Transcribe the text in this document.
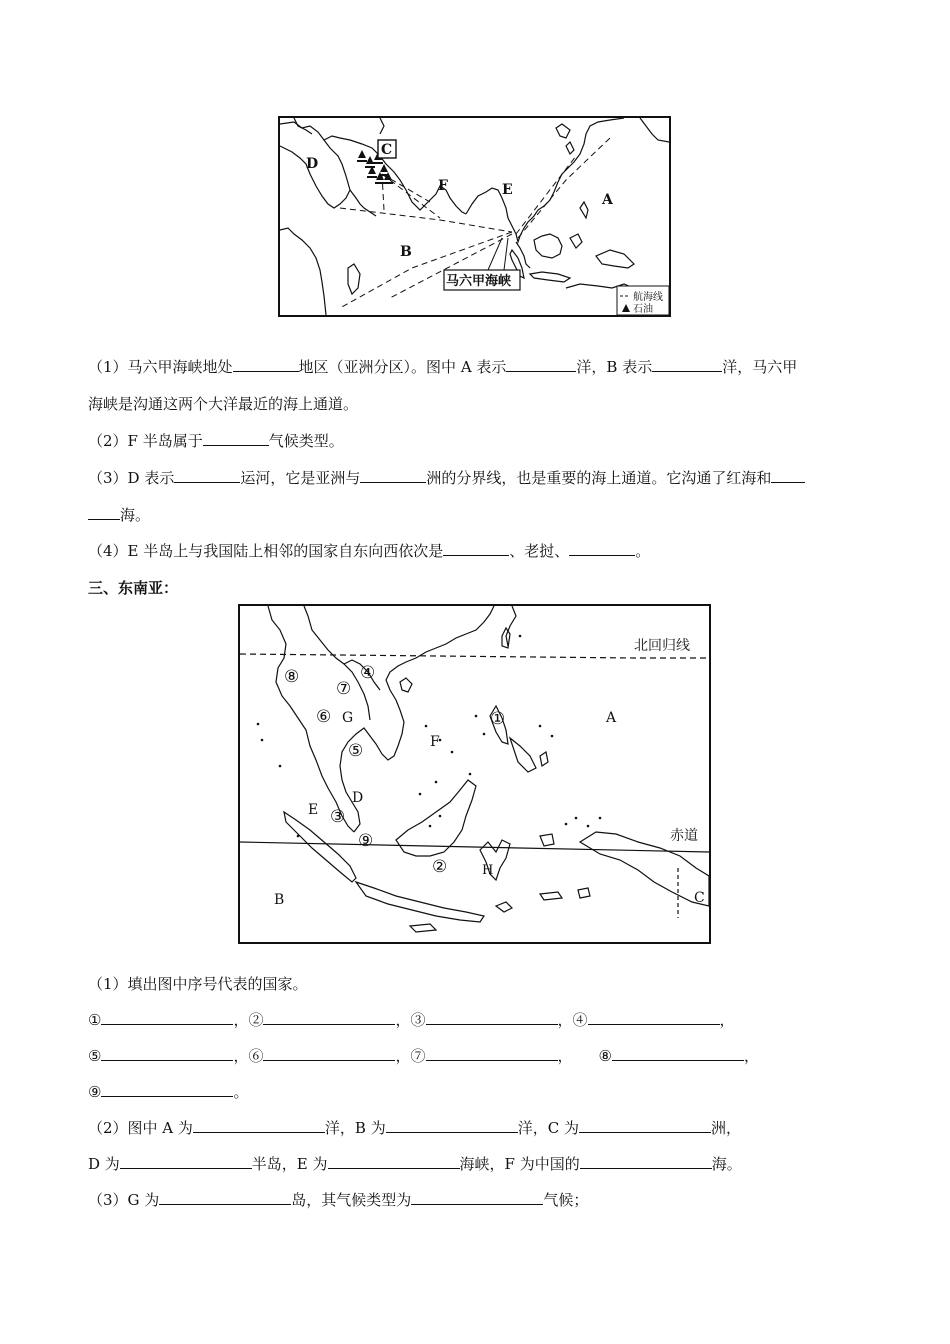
C
D
F	E
A
B
马六甲海峡
航海线
石油
（1）马六甲海峡地处	地区（亚洲分区）。图中 A 表示	洋，B 表示	洋，马六甲
海峡是沟通这两个大洋最近的海上通道。
（2）F 半岛属于	气候类型。
（3）D 表示	运河，它是亚洲与	洲的分界线，也是重要的海上通道。它沟通了红海和
海。
（4）E 半岛上与我国陆上相邻的国家自东向西依次是	、老挝、	。
三、东南亚：
北回归线
赤道
A
B	C
D
E
F
G
H
①
②
③
④
⑤
⑥
⑦
⑧
⑨
（1）填出图中序号代表的国家。
①	，②	，③	，④	，
⑤	，⑥	，⑦	， ⑧	，
⑨	。
（2）图中 A 为	洋，B 为	洋，C 为	洲，
D 为	半岛，E 为	海峡，F 为中国的	海。
（3）G 为	岛，其气候类型为	气候；
